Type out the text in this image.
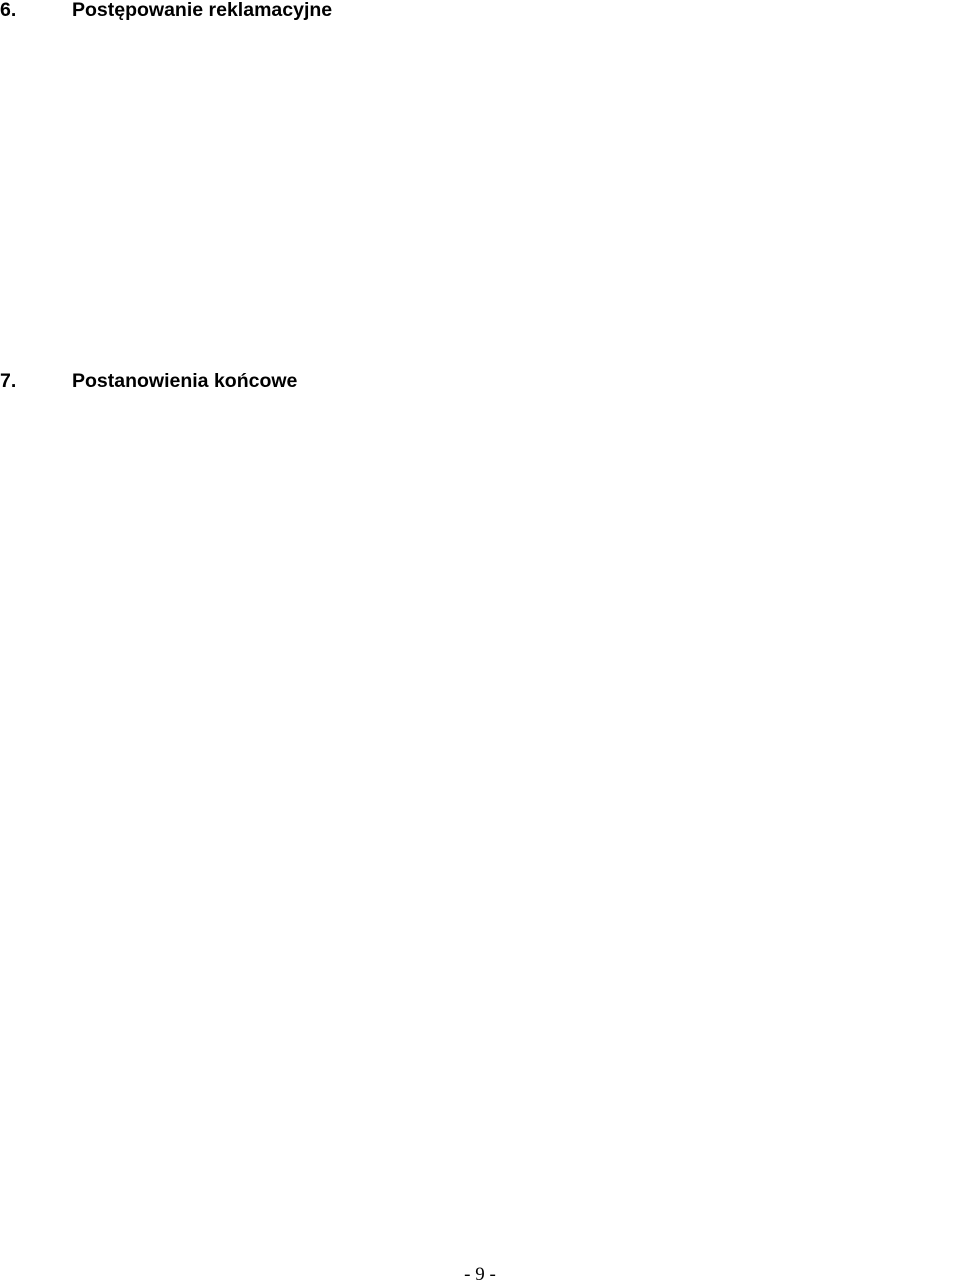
6.	Postępowanie reklamacyjne
7.	Postanowienia końcowe
- 9 -
